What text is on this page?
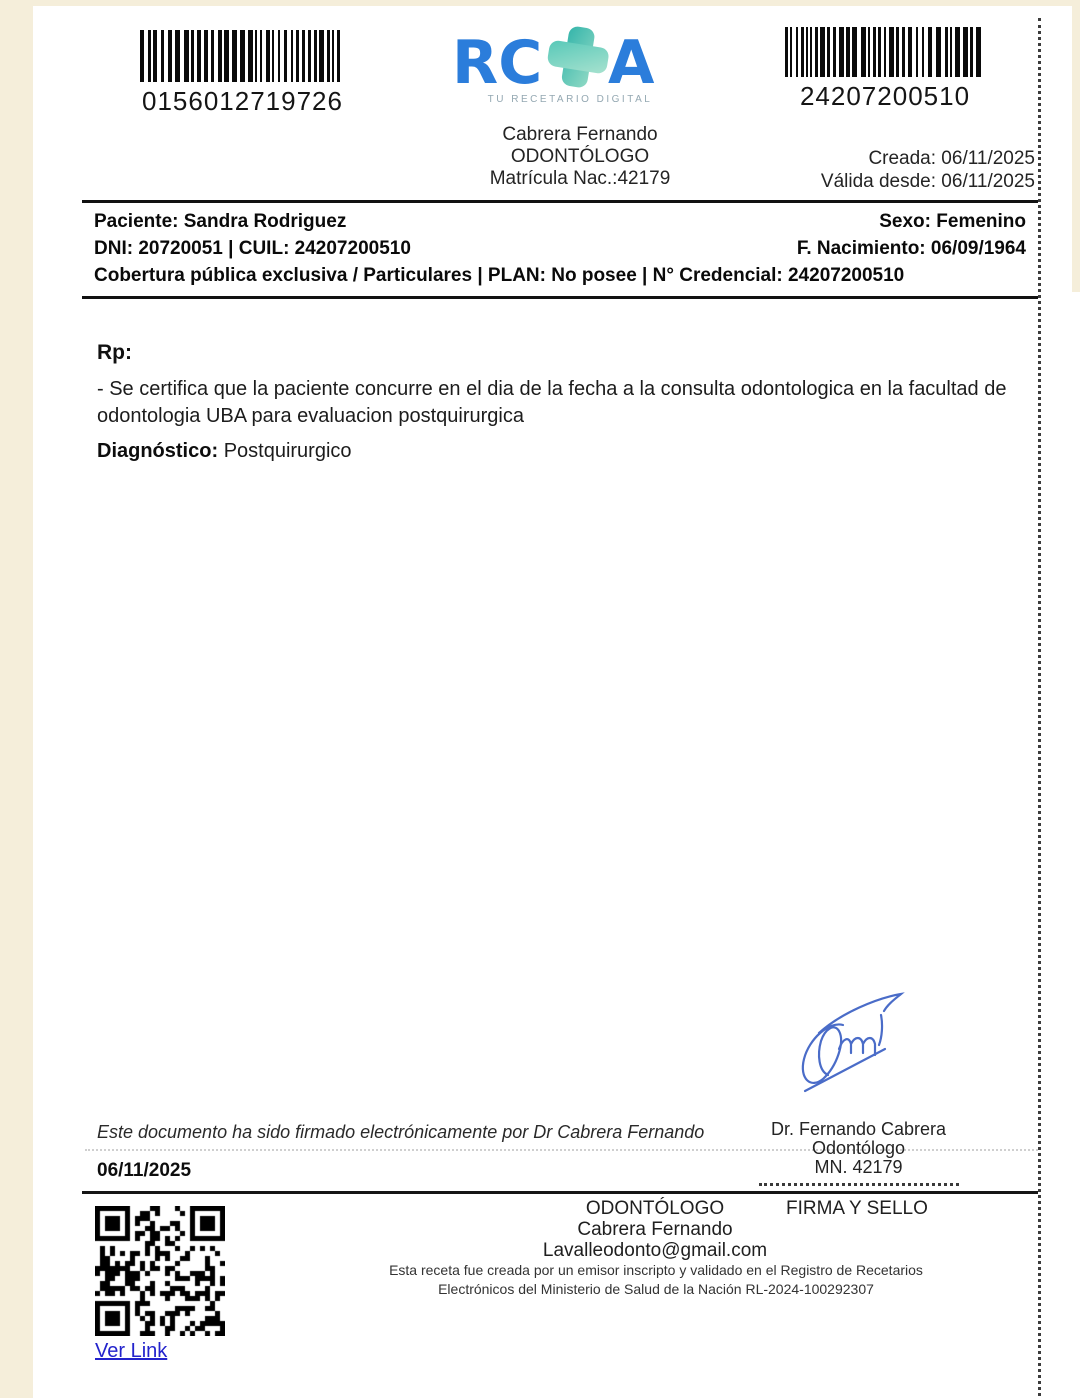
0156012719726
RC A
TU RECETARIO DIGITAL	24207200510
Cabrera Fernando
ODONTÓLOGO
Matrícula Nac.:42179
Creada: 06/11/2025
Válida desde: 06/11/2025
Paciente: Sandra Rodriguez	Sexo: Femenino
DNI: 20720051 | CUIL: 24207200510	F. Nacimiento: 06/09/1964
Cobertura pública exclusiva / Particulares | PLAN: No posee | N° Credencial: 24207200510
Rp:
- Se certifica que la paciente concurre en el dia de la fecha a la consulta odontologica en la facultad de odontologia UBA para evaluacion postquirurgica
Diagnóstico: Postquirurgico
Este documento ha sido firmado electrónicamente por Dr Cabrera Fernando
06/11/2025
Dr. Fernando Cabrera
Odontólogo
MN. 42179
ODONTÓLOGO
Cabrera Fernando
Lavalleodonto@gmail.com
FIRMA Y SELLO
Esta receta fue creada por un emisor inscripto y validado en el Registro de Recetarios
Electrónicos del Ministerio de Salud de la Nación RL-2024-100292307
Ver Link
